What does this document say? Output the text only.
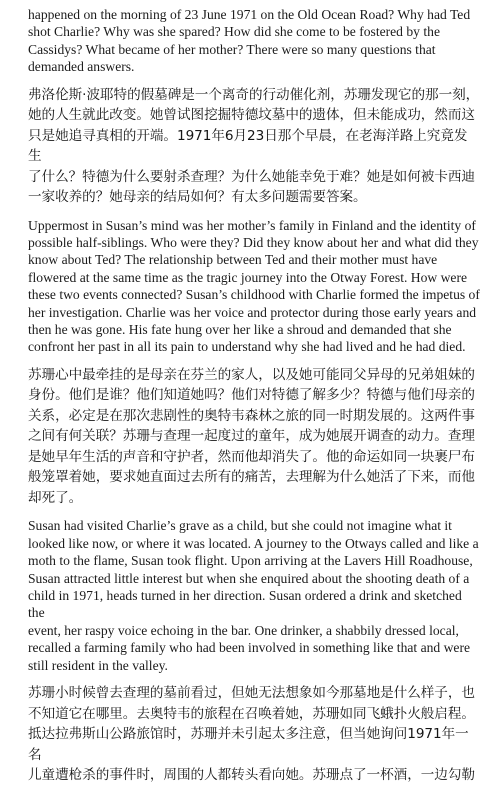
happened on the morning of 23 June 1971 on the Old Ocean Road? Why had Ted
shot Charlie? Why was she spared? How did she come to be fostered by the
Cassidys? What became of her mother? There were so many questions that
demanded answers.

弗洛伦斯·波耶特的假墓碑是一个离奇的行动催化剂，苏珊发现它的那一刻，
她的人生就此改变。她曾试图挖掘特德坟墓中的遗体，但未能成功，然而这
只是她追寻真相的开端。1971年6月23日那个早晨，在老海洋路上究竟发生
了什么？特德为什么要射杀查理？为什么她能幸免于难？她是如何被卡西迪
一家收养的？她母亲的结局如何？有太多问题需要答案。

Uppermost in Susan’s mind was her mother’s family in Finland and the identity of
possible half-siblings. Who were they? Did they know about her and what did they
know about Ted? The relationship between Ted and their mother must have
flowered at the same time as the tragic journey into the Otway Forest. How were
these two events connected? Susan’s childhood with Charlie formed the impetus of
her investigation. Charlie was her voice and protector during those early years and
then he was gone. His fate hung over her like a shroud and demanded that she
confront her past in all its pain to understand why she had lived and he had died.

苏珊心中最牵挂的是母亲在芬兰的家人，以及她可能同父异母的兄弟姐妹的
身份。他们是谁？他们知道她吗？他们对特德了解多少？特德与他们母亲的
关系，必定是在那次悲剧性的奥特韦森林之旅的同一时期发展的。这两件事
之间有何关联？苏珊与查理一起度过的童年，成为她展开调查的动力。查理
是她早年生活的声音和守护者，然而他却消失了。他的命运如同一块裹尸布
般笼罩着她，要求她直面过去所有的痛苦，去理解为什么她活了下来，而他
却死了。

Susan had visited Charlie’s grave as a child, but she could not imagine what it
looked like now, or where it was located. A journey to the Otways called and like a
moth to the flame, Susan took flight. Upon arriving at the Lavers Hill Roadhouse,
Susan attracted little interest but when she enquired about the shooting death of a
child in 1971, heads turned in her direction. Susan ordered a drink and sketched the
event, her raspy voice echoing in the bar. One drinker, a shabbily dressed local,
recalled a farming family who had been involved in something like that and were
still resident in the valley.

苏珊小时候曾去查理的墓前看过，但她无法想象如今那墓地是什么样子，也
不知道它在哪里。去奥特韦的旅程在召唤着她，苏珊如同飞蛾扑火般启程。
抵达拉弗斯山公路旅馆时，苏珊并未引起太多注意，但当她询问1971年一名
儿童遭枪杀的事件时，周围的人都转头看向她。苏珊点了一杯酒，一边勾勒
